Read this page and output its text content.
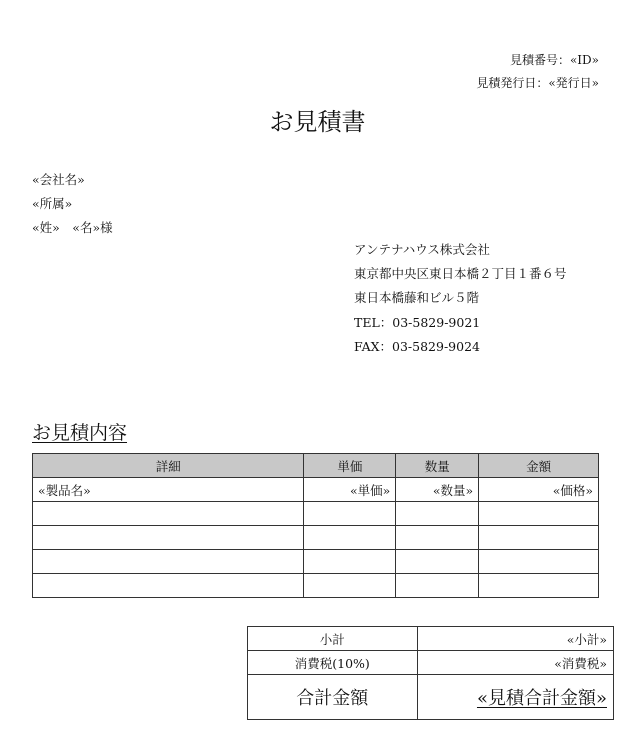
見積番号：«ID»
見積発行日：«発行日»
お見積書
«会社名»
«所属»
«姓»　«名»様
アンテナハウス株式会社
東京都中央区東日本橋２丁目１番６号
東日本橋藤和ビル５階
TEL：03-5829-9021
FAX：03-5829-9024
お見積内容
詳細	単価	数量	金額
«製品名»	«単価»	«数量»	«価格»

小計	«小計»
消費税(10%)	«消費税»
合計金額	«見積合計金額»
